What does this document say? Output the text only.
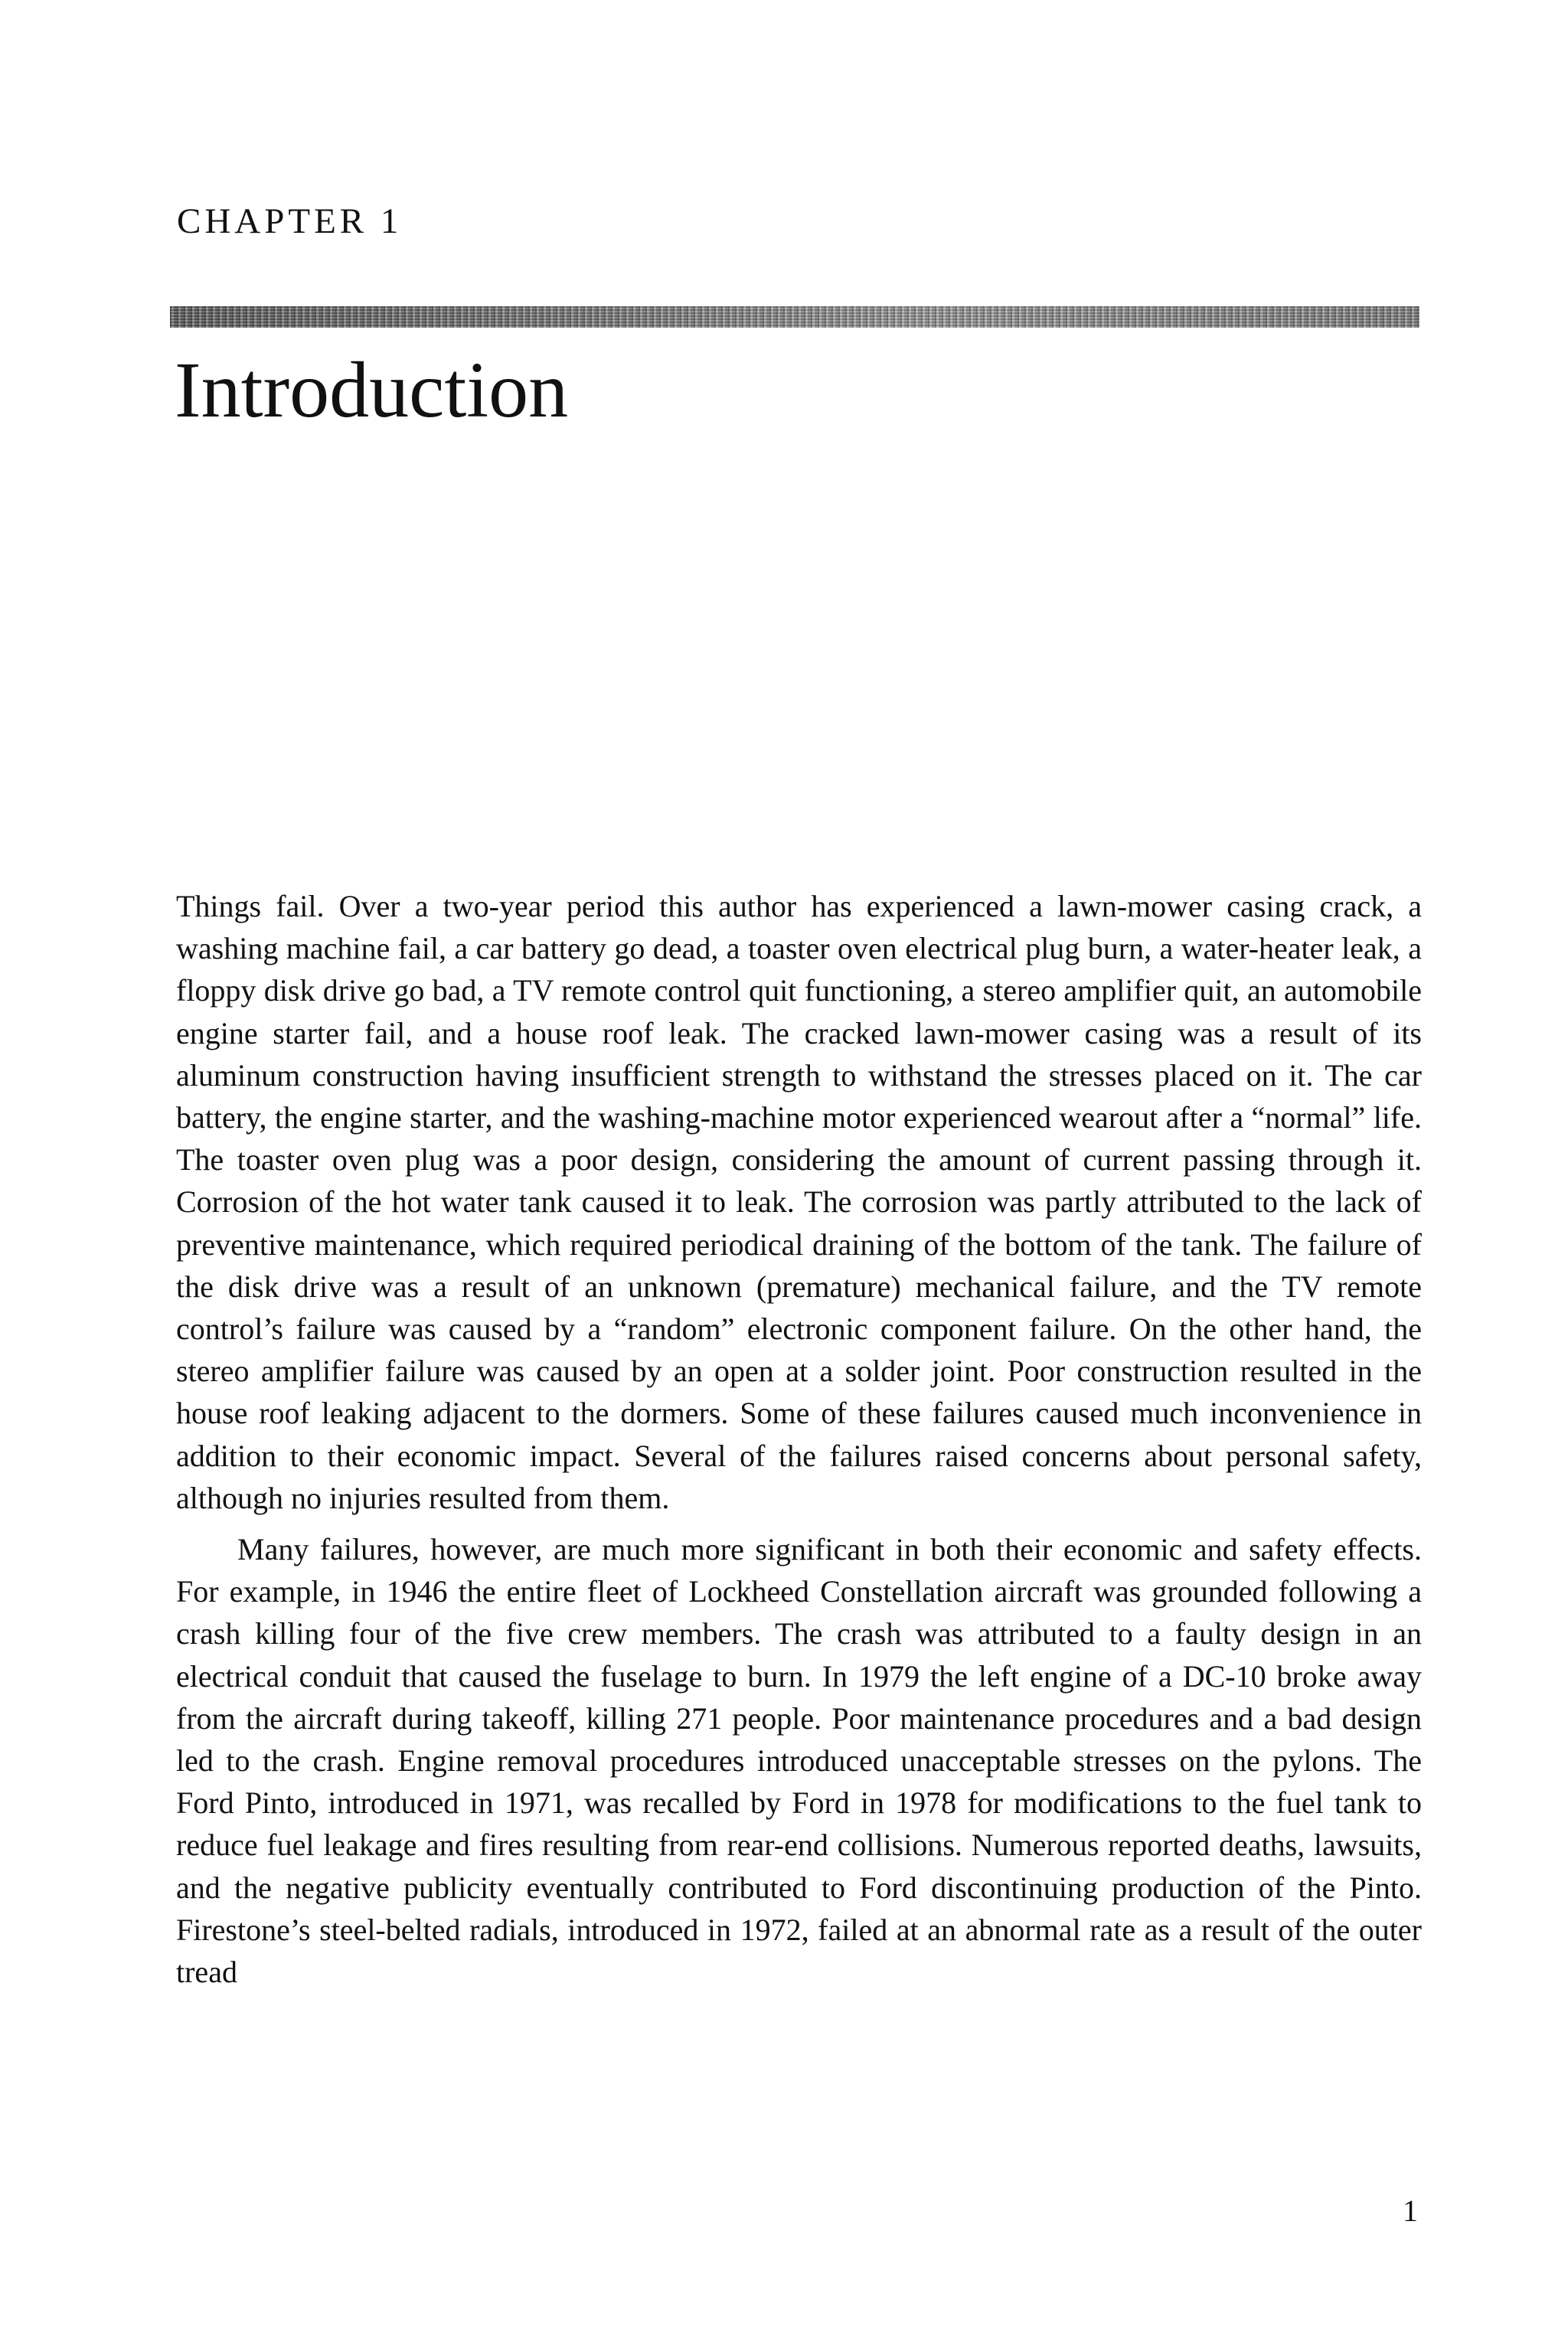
CHAPTER 1
Introduction

Things fail. Over a two-year period this author has experienced a lawn-mower casing crack, a washing machine fail, a car battery go dead, a toaster oven electrical plug burn, a water-heater leak, a floppy disk drive go bad, a TV remote control quit functioning, a stereo amplifier quit, an automobile engine starter fail, and a house roof leak. The cracked lawn-mower casing was a result of its aluminum construction having insufficient strength to withstand the stresses placed on it. The car battery, the engine starter, and the washing-machine motor experienced wearout after a “normal” life. The toaster oven plug was a poor design, considering the amount of current passing through it. Corrosion of the hot water tank caused it to leak. The corrosion was partly attributed to the lack of preventive maintenance, which required periodical draining of the bottom of the tank. The failure of the disk drive was a result of an unknown (premature) mechanical failure, and the TV remote control’s failure was caused by a “random” electronic component failure. On the other hand, the stereo amplifier failure was caused by an open at a solder joint. Poor construction resulted in the house roof leaking adjacent to the dormers. Some of these failures caused much inconvenience in addition to their economic impact. Several of the failures raised concerns about personal safety, although no injuries resulted from them.

Many failures, however, are much more significant in both their economic and safety effects. For example, in 1946 the entire fleet of Lockheed Constellation aircraft was grounded following a crash killing four of the five crew members. The crash was attributed to a faulty design in an electrical conduit that caused the fuselage to burn. In 1979 the left engine of a DC-10 broke away from the aircraft during takeoff, killing 271 people. Poor maintenance procedures and a bad design led to the crash. Engine removal procedures introduced unacceptable stresses on the pylons. The Ford Pinto, introduced in 1971, was recalled by Ford in 1978 for modifications to the fuel tank to reduce fuel leakage and fires resulting from rear-end collisions. Numerous reported deaths, lawsuits, and the negative publicity eventually contributed to Ford discontinuing production of the Pinto. Firestone’s steel-belted radials, introduced in 1972, failed at an abnormal rate as a result of the outer tread

1
